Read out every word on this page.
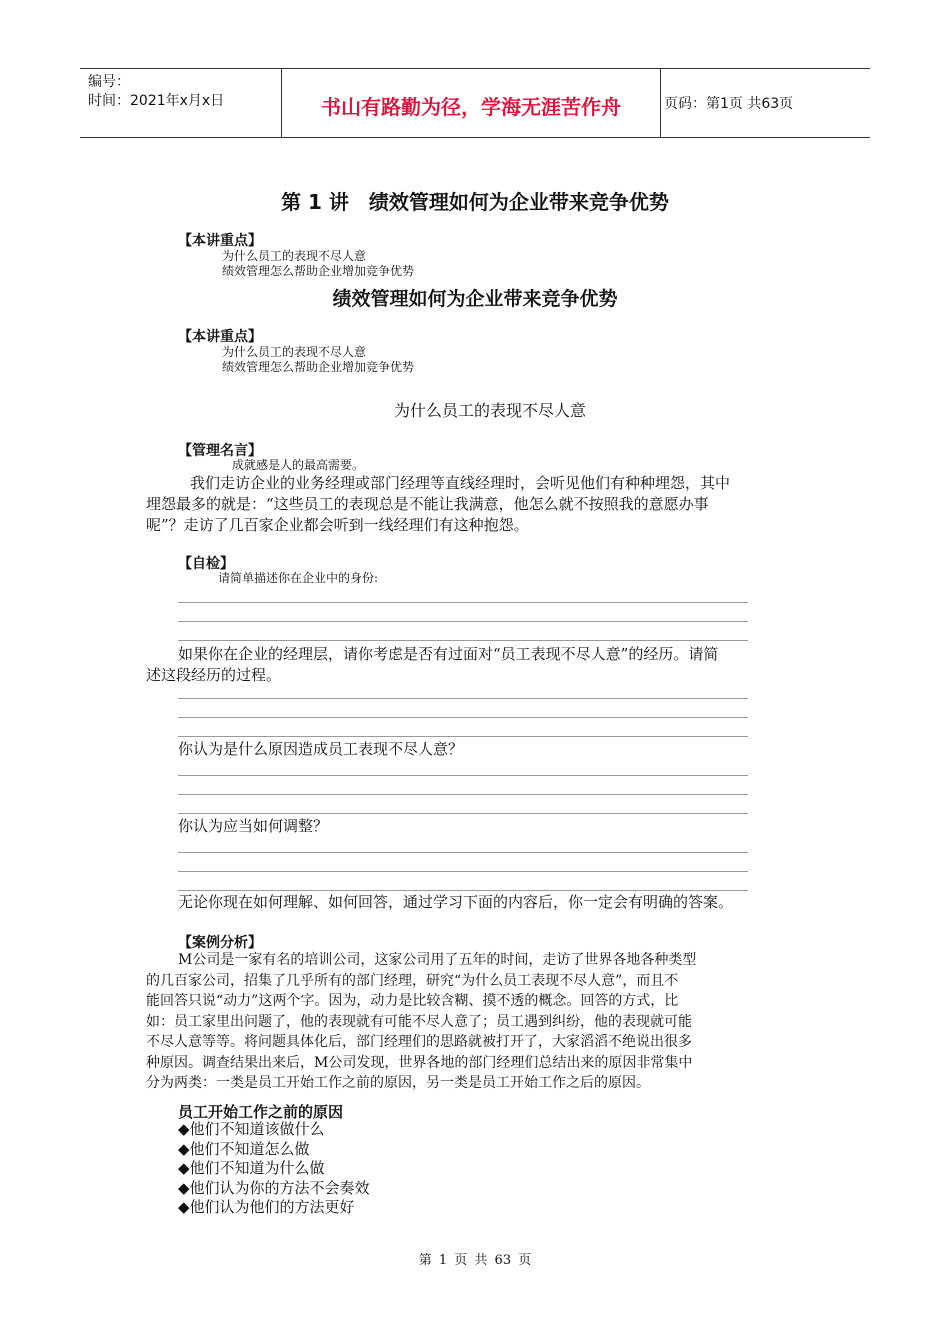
编号：
时间：2021年x月x日	书山有路勤为径，学海无涯苦作舟	页码：第1页 共63页
第 1 讲　绩效管理如何为企业带来竞争优势
【本讲重点】
为什么员工的表现不尽人意
绩效管理怎么帮助企业增加竞争优势
绩效管理如何为企业带来竞争优势
【本讲重点】
为什么员工的表现不尽人意
绩效管理怎么帮助企业增加竞争优势
为什么员工的表现不尽人意
【管理名言】
成就感是人的最高需要。
我们走访企业的业务经理或部门经理等直线经理时，会听见他们有种种埋怨，其中
埋怨最多的就是：“这些员工的表现总是不能让我满意，他怎么就不按照我的意愿办事
呢”？走访了几百家企业都会听到一线经理们有这种抱怨。
【自检】
请简单描述你在企业中的身份:
如果你在企业的经理层，请你考虑是否有过面对“员工表现不尽人意”的经历。请简
述这段经历的过程。
你认为是什么原因造成员工表现不尽人意？
你认为应当如何调整？
无论你现在如何理解、如何回答，通过学习下面的内容后，你一定会有明确的答案。
【案例分析】
M公司是一家有名的培训公司，这家公司用了五年的时间，走访了世界各地各种类型
的几百家公司，招集了几乎所有的部门经理，研究“为什么员工表现不尽人意”，而且不
能回答只说“动力”这两个字。因为，动力是比较含糊、摸不透的概念。回答的方式，比
如：员工家里出问题了，他的表现就有可能不尽人意了；员工遇到纠纷，他的表现就可能
不尽人意等等。将问题具体化后，部门经理们的思路就被打开了，大家滔滔不绝说出很多
种原因。调查结果出来后，M公司发现，世界各地的部门经理们总结出来的原因非常集中
分为两类：一类是员工开始工作之前的原因，另一类是员工开始工作之后的原因。
员工开始工作之前的原因
◆他们不知道该做什么
◆他们不知道怎么做
◆他们不知道为什么做
◆他们认为你的方法不会奏效
◆他们认为他们的方法更好
第 1 页 共 63 页
